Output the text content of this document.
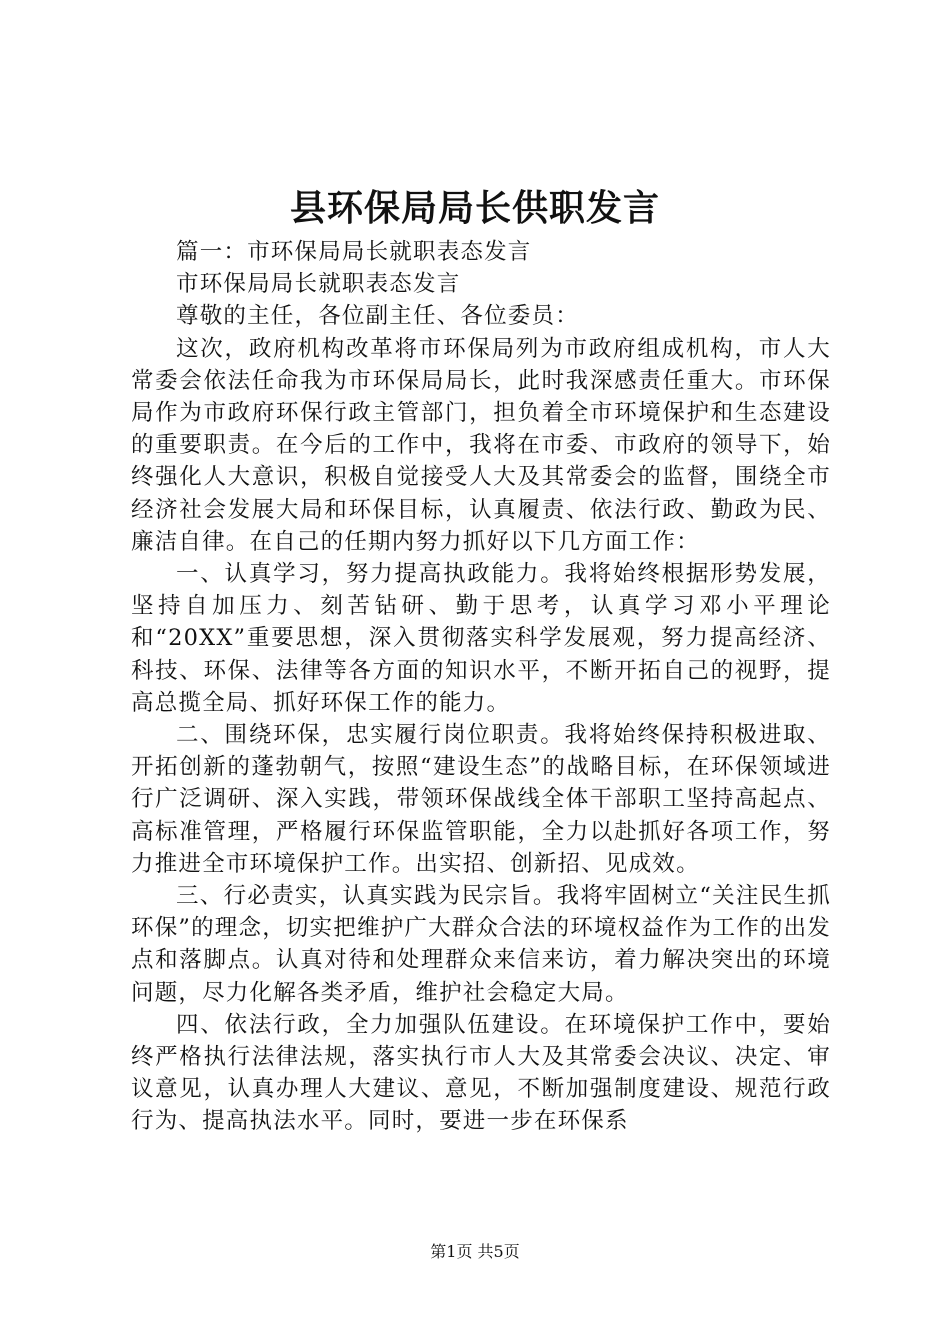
县环保局局长供职发言

篇一：市环保局局长就职表态发言

市环保局局长就职表态发言

尊敬的主任，各位副主任、各位委员：

这次，政府机构改革将市环保局列为市政府组成机构，市人大常委会依法任命我为市环保局局长，此时我深感责任重大。市环保局作为市政府环保行政主管部门，担负着全市环境保护和生态建设的重要职责。在今后的工作中，我将在市委、市政府的领导下，始终强化人大意识，积极自觉接受人大及其常委会的监督，围绕全市经济社会发展大局和环保目标，认真履责、依法行政、勤政为民、廉洁自律。在自己的任期内努力抓好以下几方面工作：

一、认真学习，努力提高执政能力。我将始终根据形势发展，坚持自加压力、刻苦钻研、勤于思考，认真学习邓小平理论和“20XX”重要思想，深入贯彻落实科学发展观，努力提高经济、科技、环保、法律等各方面的知识水平，不断开拓自己的视野，提高总揽全局、抓好环保工作的能力。

二、围绕环保，忠实履行岗位职责。我将始终保持积极进取、开拓创新的蓬勃朝气，按照“建设生态”的战略目标，在环保领域进行广泛调研、深入实践，带领环保战线全体干部职工坚持高起点、高标准管理，严格履行环保监管职能，全力以赴抓好各项工作，努力推进全市环境保护工作。出实招、创新招、见成效。

三、行必责实，认真实践为民宗旨。我将牢固树立“关注民生抓环保”的理念，切实把维护广大群众合法的环境权益作为工作的出发点和落脚点。认真对待和处理群众来信来访，着力解决突出的环境问题，尽力化解各类矛盾，维护社会稳定大局。

四、依法行政，全力加强队伍建设。在环境保护工作中，要始终严格执行法律法规，落实执行市人大及其常委会决议、决定、审议意见，认真办理人大建议、意见，不断加强制度建设、规范行政行为、提高执法水平。同时，要进一步在环保系

第1页 共5页
